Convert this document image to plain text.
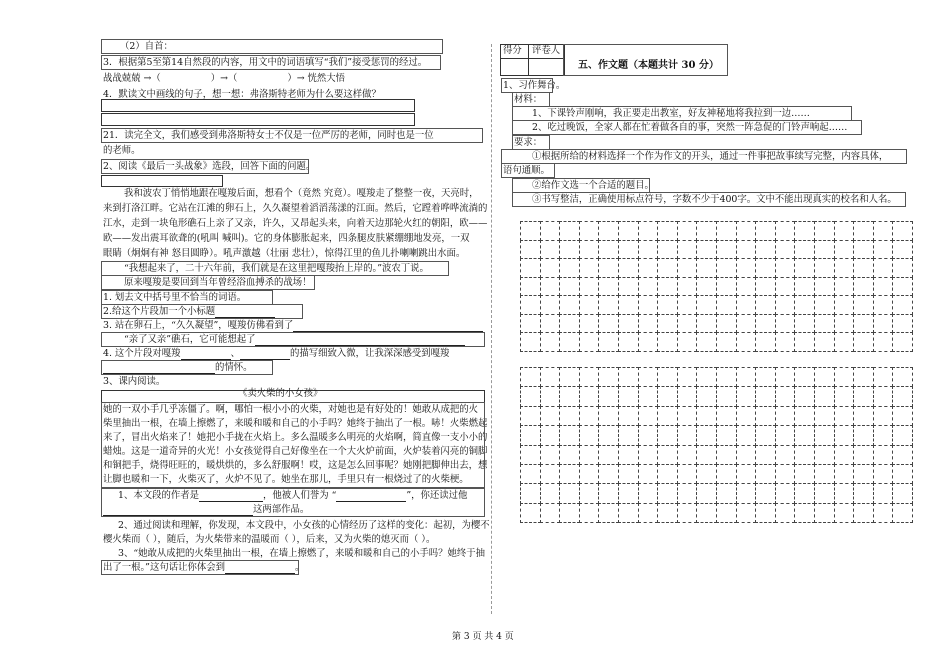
（2）自首：
3．根据第5至第14自然段的内容，用文中的词语填写“我们”接受惩罚的经过。
战战兢兢 →（	）→（	）→ 恍然大悟
4．默读文中画线的句子，想一想：弗洛斯特老师为什么要这样做？
21．读完全文，我们感受到弗洛斯特女士不仅是一位严厉的老师，同时也是一位
的老师。
2、阅读《最后一头战象》选段，回答下面的问题。
我和波农丁悄悄地跟在嘎羧后面，想看个（竟然 究竟）。嘎羧走了整整一夜，天亮时，
来到打洛江畔。它站在江滩的卵石上，久久凝望着滔滔荡漾的江面。然后，它蹚着哗哗流淌的
江水，走到一块龟形礁石上亲了又亲，许久，又昂起头来，向着天边那轮火红的朝阳，欧——
欧——发出震耳欲聋的(吼叫 喊叫)。它的身体膨胀起来，四条腿皮肤紧绷绷地发亮，一双
眼睛（炯炯有神 怒目圆睁）。吼声激越（壮丽 悲壮），惊得江里的鱼儿扑喇喇跳出水面。
“我想起来了，二十六年前，我们就是在这里把嘎羧抬上岸的。”波农丁说。
原来嘎羧是要回到当年曾经浴血搏杀的战场！
1. 划去文中括号里不恰当的词语。
2.给这个片段加一个小标题
3. 站在卵石上，“久久凝望”，嘎羧仿佛看到了
“亲了又亲”礁石，它可能想起了
4. 这个片段对嘎羧	、	的描写细致入微，让我深深感受到嘎羧
的情怀。
3、课内阅读。
《卖火柴的小女孩》
她的一双小手几乎冻僵了。啊，哪怕一根小小的火柴，对她也是有好处的！她敢从成把的火
柴里抽出一根，在墙上擦燃了，来暖和暖和自己的小手吗？她终于抽出了一根。哧！火柴燃起
来了，冒出火焰来了！她把小手拢在火焰上。多么温暖多么明亮的火焰啊，简直像一支小小的
蜡烛。这是一道奇异的火光！小女孩觉得自己好像坐在一个大火炉前面，火炉装着闪亮的铜脚
和铜把手，烧得旺旺的，暖烘烘的，多么舒服啊！哎，这是怎么回事呢？她刚把脚伸出去，想
让脚也暖和一下，火柴灭了，火炉不见了。她坐在那儿，手里只有一根烧过了的火柴梗。
1、本文段的作者是	，他被人们誉为 “	”，你还读过他
这两部作品。
2、通过阅读和理解，你发现，本文段中，小女孩的心情经历了这样的变化：起初，为樱不
樱火柴而（ ），随后，为火柴带来的温暖而（ ），后来，又为火柴的熄灭而（ ）。
3、“她敢从成把的火柴里抽出一根，在墙上擦燃了，来暖和暖和自己的小手吗？她终于抽
出了一根。”这句话让你体会到	。
得分 评卷人
五、作文题（本题共计 30 分）
1、习作舞台。
材料：
1、下课铃声刚响，我正要走出教室，好友神秘地将我拉到一边……
2、吃过晚饭，全家人都在忙着做各自的事，突然一阵急促的门铃声响起……
要求：
①根据所给的材料选择一个作为作文的开头，通过一件事把故事续写完整，内容具体，
语句通顺。
②给作文选一个合适的题目。
③书写整洁，正确使用标点符号，字数不少于400字。文中不能出现真实的校名和人名。
第 3 页 共 4 页
